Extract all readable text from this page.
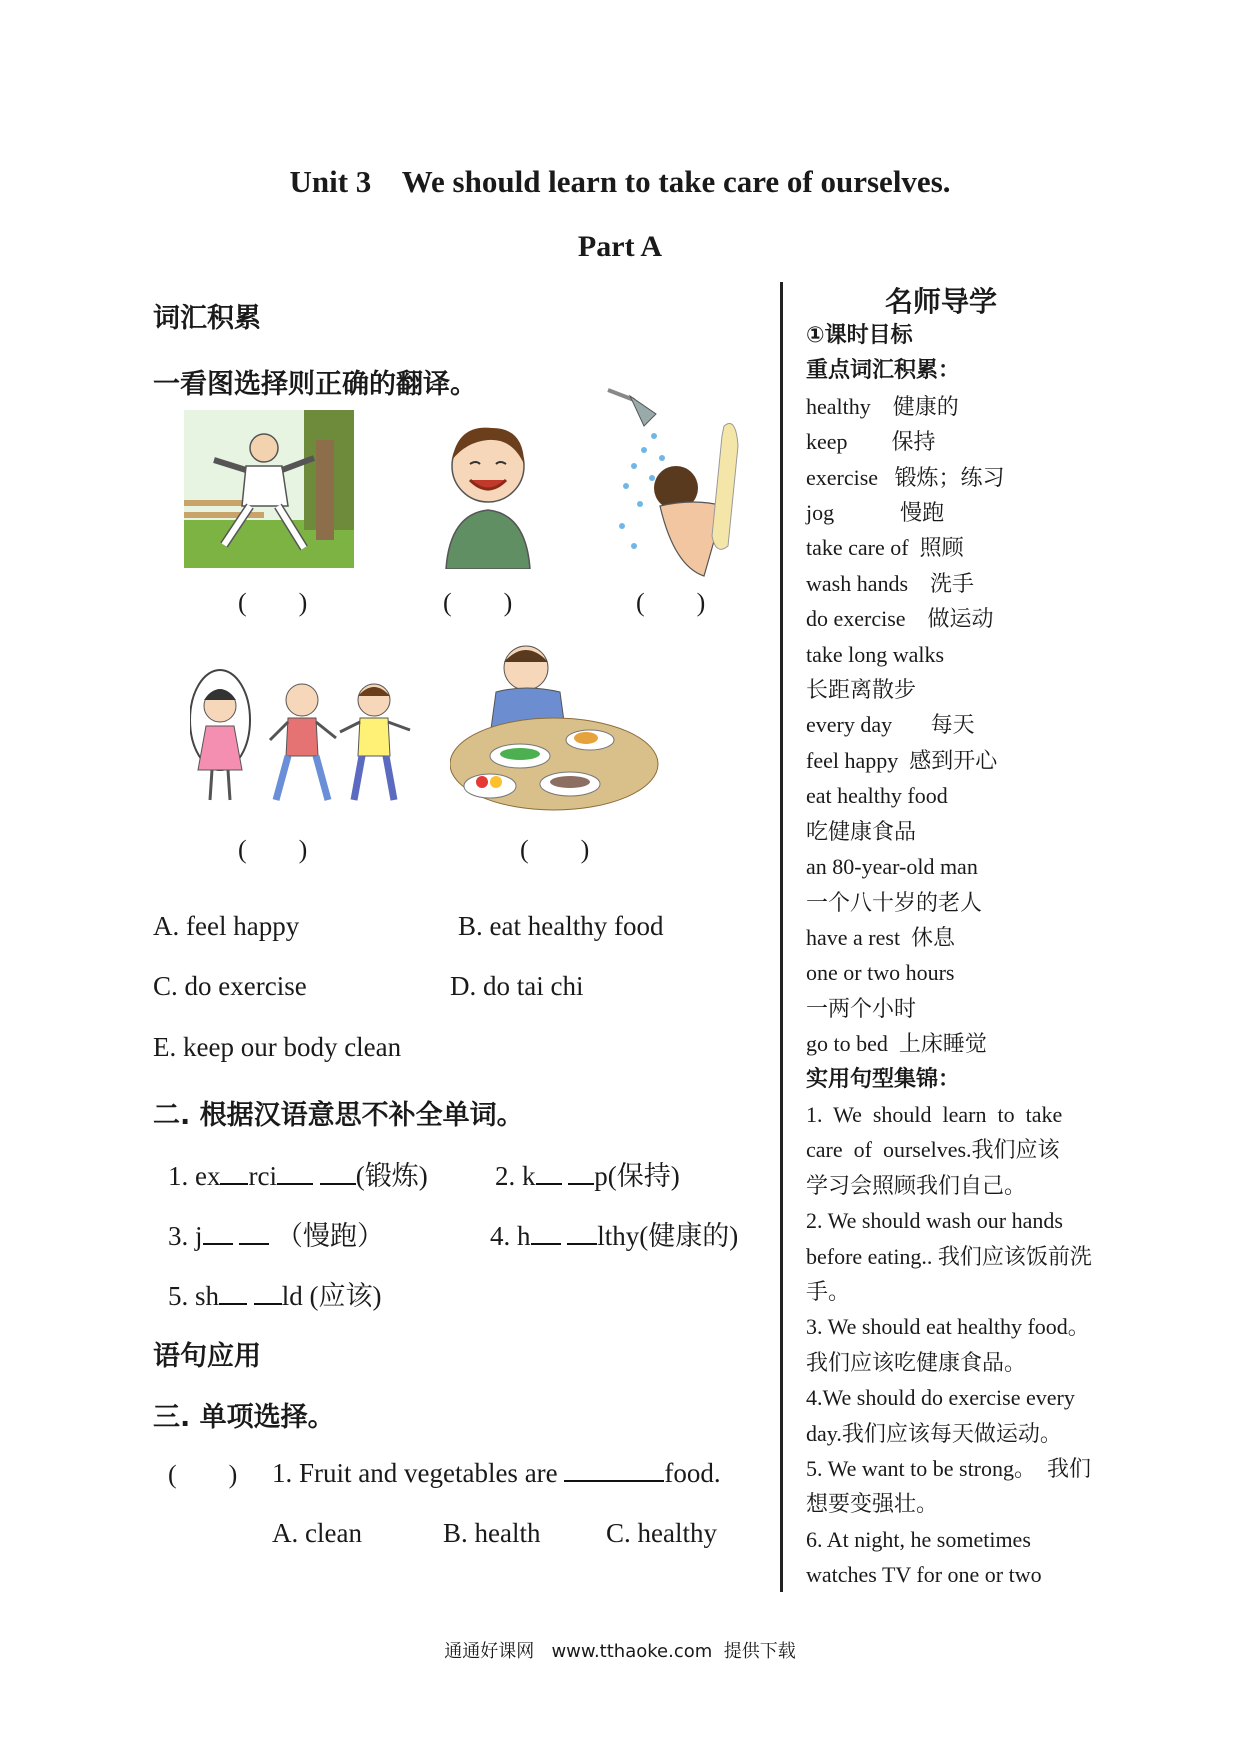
Unit 3    We should learn to take care of ourselves.
Part A
词汇积累
一看图选择则正确的翻译。
(        )	(        )	(        )
(        )	(        )
A. feel happy	B. eat healthy food
C. do exercise	D. do tai chi
E. keep our body clean
二. 根据汉语意思不补全单词。
1. ex rci	(锻炼) 2. k p(保持)
3. j	（慢跑）	4. h lthy(健康的)
5. sh ld (应该)
语句应用
三. 单项选择。
(        ) 1. Fruit and vegetables are	food.
A. clean	B. health C. healthy
名师导学
①课时目标
重点词汇积累：
healthy    健康的
keep        保持
exercise   锻炼；练习
jog            慢跑
take care of  照顾
wash hands    洗手
do exercise    做运动
take long walks
长距离散步
every day       每天
feel happy  感到开心
eat healthy food
吃健康食品
an 80-year-old man
一个八十岁的老人
have a rest  休息
one or two hours
一两个小时
go to bed  上床睡觉
实用句型集锦：
1.  We  should  learn  to  take
care  of  ourselves.我们应该
学习会照顾我们自己。
2. We should wash our hands
before eating.. 我们应该饭前洗
手。
3. We should eat healthy food。
我们应该吃健康食品。
4.We should do exercise every
day.我们应该每天做运动。
5. We want to be strong。  我们
想要变强壮。
6. At night, he sometimes
watches TV for one or two
通通好课网   www.tthaoke.com  提供下载
